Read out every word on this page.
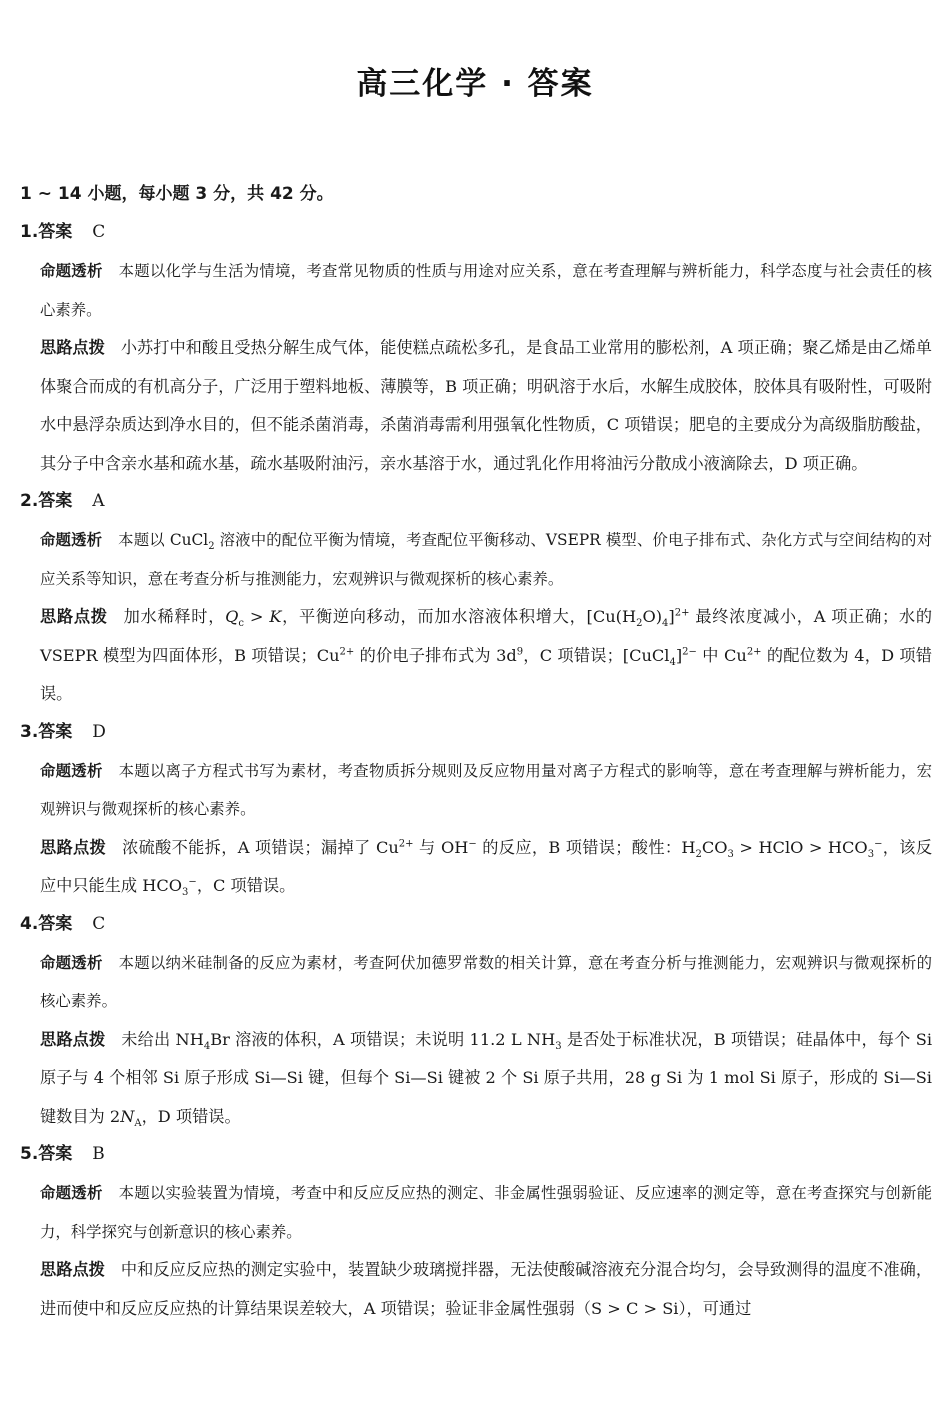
高三化学 · 答案
1 ~ 14 小题，每小题 3 分，共 42 分。
1.答案 C
命题透析 本题以化学与生活为情境，考查常见物质的性质与用途对应关系，意在考查理解与辨析能力，科学态度与社会责任的核心素养。
思路点拨 小苏打中和酸且受热分解生成气体，能使糕点疏松多孔，是食品工业常用的膨松剂，A 项正确；聚乙烯是由乙烯单体聚合而成的有机高分子，广泛用于塑料地板、薄膜等，B 项正确；明矾溶于水后，水解生成胶体，胶体具有吸附性，可吸附水中悬浮杂质达到净水目的，但不能杀菌消毒，杀菌消毒需利用强氧化性物质，C 项错误；肥皂的主要成分为高级脂肪酸盐，其分子中含亲水基和疏水基，疏水基吸附油污，亲水基溶于水，通过乳化作用将油污分散成小液滴除去，D 项正确。
2.答案 A
命题透析 本题以 CuCl$_2$ 溶液中的配位平衡为情境，考查配位平衡移动、VSEPR 模型、价电子排布式、杂化方式与空间结构的对应关系等知识，意在考查分析与推测能力，宏观辨识与微观探析的核心素养。
思路点拨 加水稀释时，$Q_c > K$，平衡逆向移动，而加水溶液体积增大，$[Cu(H_2O)_4]^{2+}$ 最终浓度减小，A 项正确；水的 VSEPR 模型为四面体形，B 项错误；$Cu^{2+}$ 的价电子排布式为 $3d^9$，C 项错误；[CuCl$_4$]$^{2-}$ 中 $Cu^{2+}$ 的配位数为 4，D 项错误。
3.答案 D
命题透析 本题以离子方程式书写为素材，考查物质拆分规则及反应物用量对离子方程式的影响等，意在考查理解与辨析能力，宏观辨识与微观探析的核心素养。
思路点拨 浓硫酸不能拆，A 项错误；漏掉了 $Cu^{2+}$ 与 OH− 的反应，B 项错误；酸性：$H_2CO_3$ > HClO > $HCO_3^-$，该反应中只能生成 $HCO_3^-$，C 项错误。
4.答案 C
命题透析 本题以纳米硅制备的反应为素材，考查阿伏加德罗常数的相关计算，意在考查分析与推测能力，宏观辨识与微观探析的核心素养。
思路点拨 未给出 $NH_4Br$ 溶液的体积，A 项错误；未说明 11.2 L $NH_3$ 是否处于标准状况，B 项错误；硅晶体中，每个 Si 原子与 4 个相邻 Si 原子形成 Si—Si 键，但每个 Si—Si 键被 2 个 Si 原子共用，28 g Si 为 1 mol Si 原子，形成的 Si—Si 键数目为 $2N_A$，D 项错误。
5.答案 B
命题透析 本题以实验装置为情境，考查中和反应反应热的测定、非金属性强弱验证、反应速率的测定等，意在考查探究与创新能力，科学探究与创新意识的核心素养。
思路点拨 中和反应反应热的测定实验中，装置缺少玻璃搅拌器，无法使酸碱溶液充分混合均匀，会导致测得的温度不准确，进而使中和反应反应热的计算结果误差较大，A 项错误；验证非金属性强弱（S > C > Si），可通过
